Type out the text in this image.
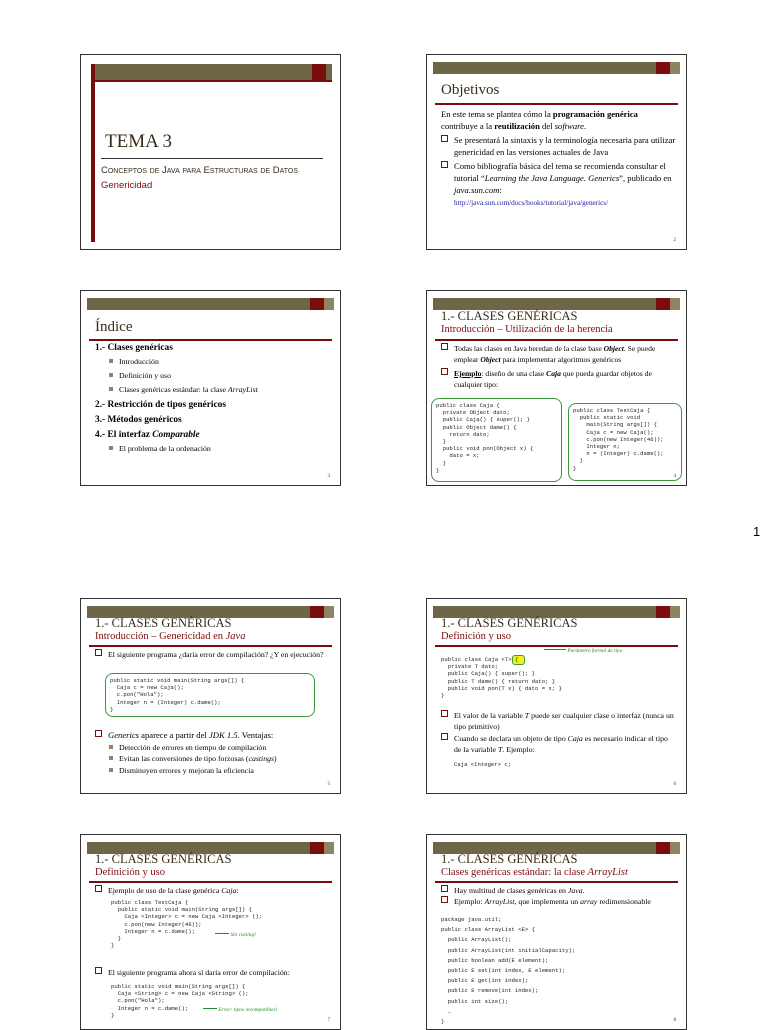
TEMA 3
Conceptos de Java para Estructuras de Datos
Genericidad
Objetivos
En este tema se plantea cómo la programación genérica contribuye a la reutilización del software.
Se presentará la sintaxis y la terminología necesaria para utilizar genericidad en las versiones actuales de Java
Como bibliografía básica del tema se recomienda consultar el tutorial “Learning the Java Language. Generics”, publicado en java.sun.com:
http://java.sun.com/docs/books/tutorial/java/generics/
2
Índice
1.- Clases genéricas
Introducción
Definición y uso
Clases genéricas estándar: la clase ArrayList
2.- Restricción de tipos genéricos
3.- Métodos genéricos
4.- El interfaz Comparable
El problema de la ordenación
3
1.- CLASES GENÉRICAS
Introducción – Utilización de la herencia
Todas las clases en Java heredan de la clase base Object. Se puede emplear Object para implementar algoritmos genéricos
Ejemplo: diseño de una clase Caja que pueda guardar objetos de cualquier tipo:
public class Caja {
private Object dato;
public Caja() { super(); }
public Object dame() {
return dato;
}
public void pon(Object x) {
dato = x;
}
}
public class TestCaja {
public static void
main(String args[]) {
Caja c = new Caja();
c.pon(new Integer(46));
Integer n;
n = (Integer) c.dame();
}
}
4
1.- CLASES GENÉRICAS
Introducción – Genericidad en Java
El siguiente programa ¿daría error de compilación? ¿Y en ejecución?
public static void main(String args[]) {
Caja c = new Caja();
c.pon("Hola");
Integer n = (Integer) c.dame();
}
Generics aparece a partir del JDK 1.5. Ventajas:
Detección de errores en tiempo de compilación
Evitan las conversiones de tipo forzosas (castings)
Disminuyen errores y mejoran la eficiencia
5
1.- CLASES GENÉRICAS
Definición y uso
Parámetro formal de tipo
public class Caja <T> {
private T dato;
public Caja() { super(); }
public T dame() { return dato; }
public void pon(T x) { dato = x; }
}
El valor de la variable T puede ser cualquier clase o interfaz (nunca un tipo primitivo)
Cuando se declara un objeto de tipo Caja es necesario indicar el tipo de la variable T. Ejemplo:
Caja <Integer> c;
6
1.- CLASES GENÉRICAS
Definición y uso
Ejemplo de uso de la clase genérica Caja:
public class TestCaja {
public static void main(String args[]) {
Caja <Integer> c = new Caja <Integer> ();
c.pon(new Integer(46));
Integer n = c.dame();
}
}
Sin casting!
El siguiente programa ahora sí daría error de compilación:
public static void main(String args[]) {
Caja <String> c = new Caja <String> ();
c.pon("Hola");
Integer n = c.dame();
}
Error: tipos incompatibles!
7
1.- CLASES GENÉRICAS
Clases genéricas estándar: la clase ArrayList
Hay multitud de clases genéricas en Java.
Ejemplo: ArrayList, que implementa un array redimensionable
package java.util;
public class ArrayList <E> {
public ArrayList();
public ArrayList(int initialCapacity);
public boolean add(E element);
public E set(int index, E element);
public E get(int index);
public E remove(int index);
public int size();
…
}	8
1
